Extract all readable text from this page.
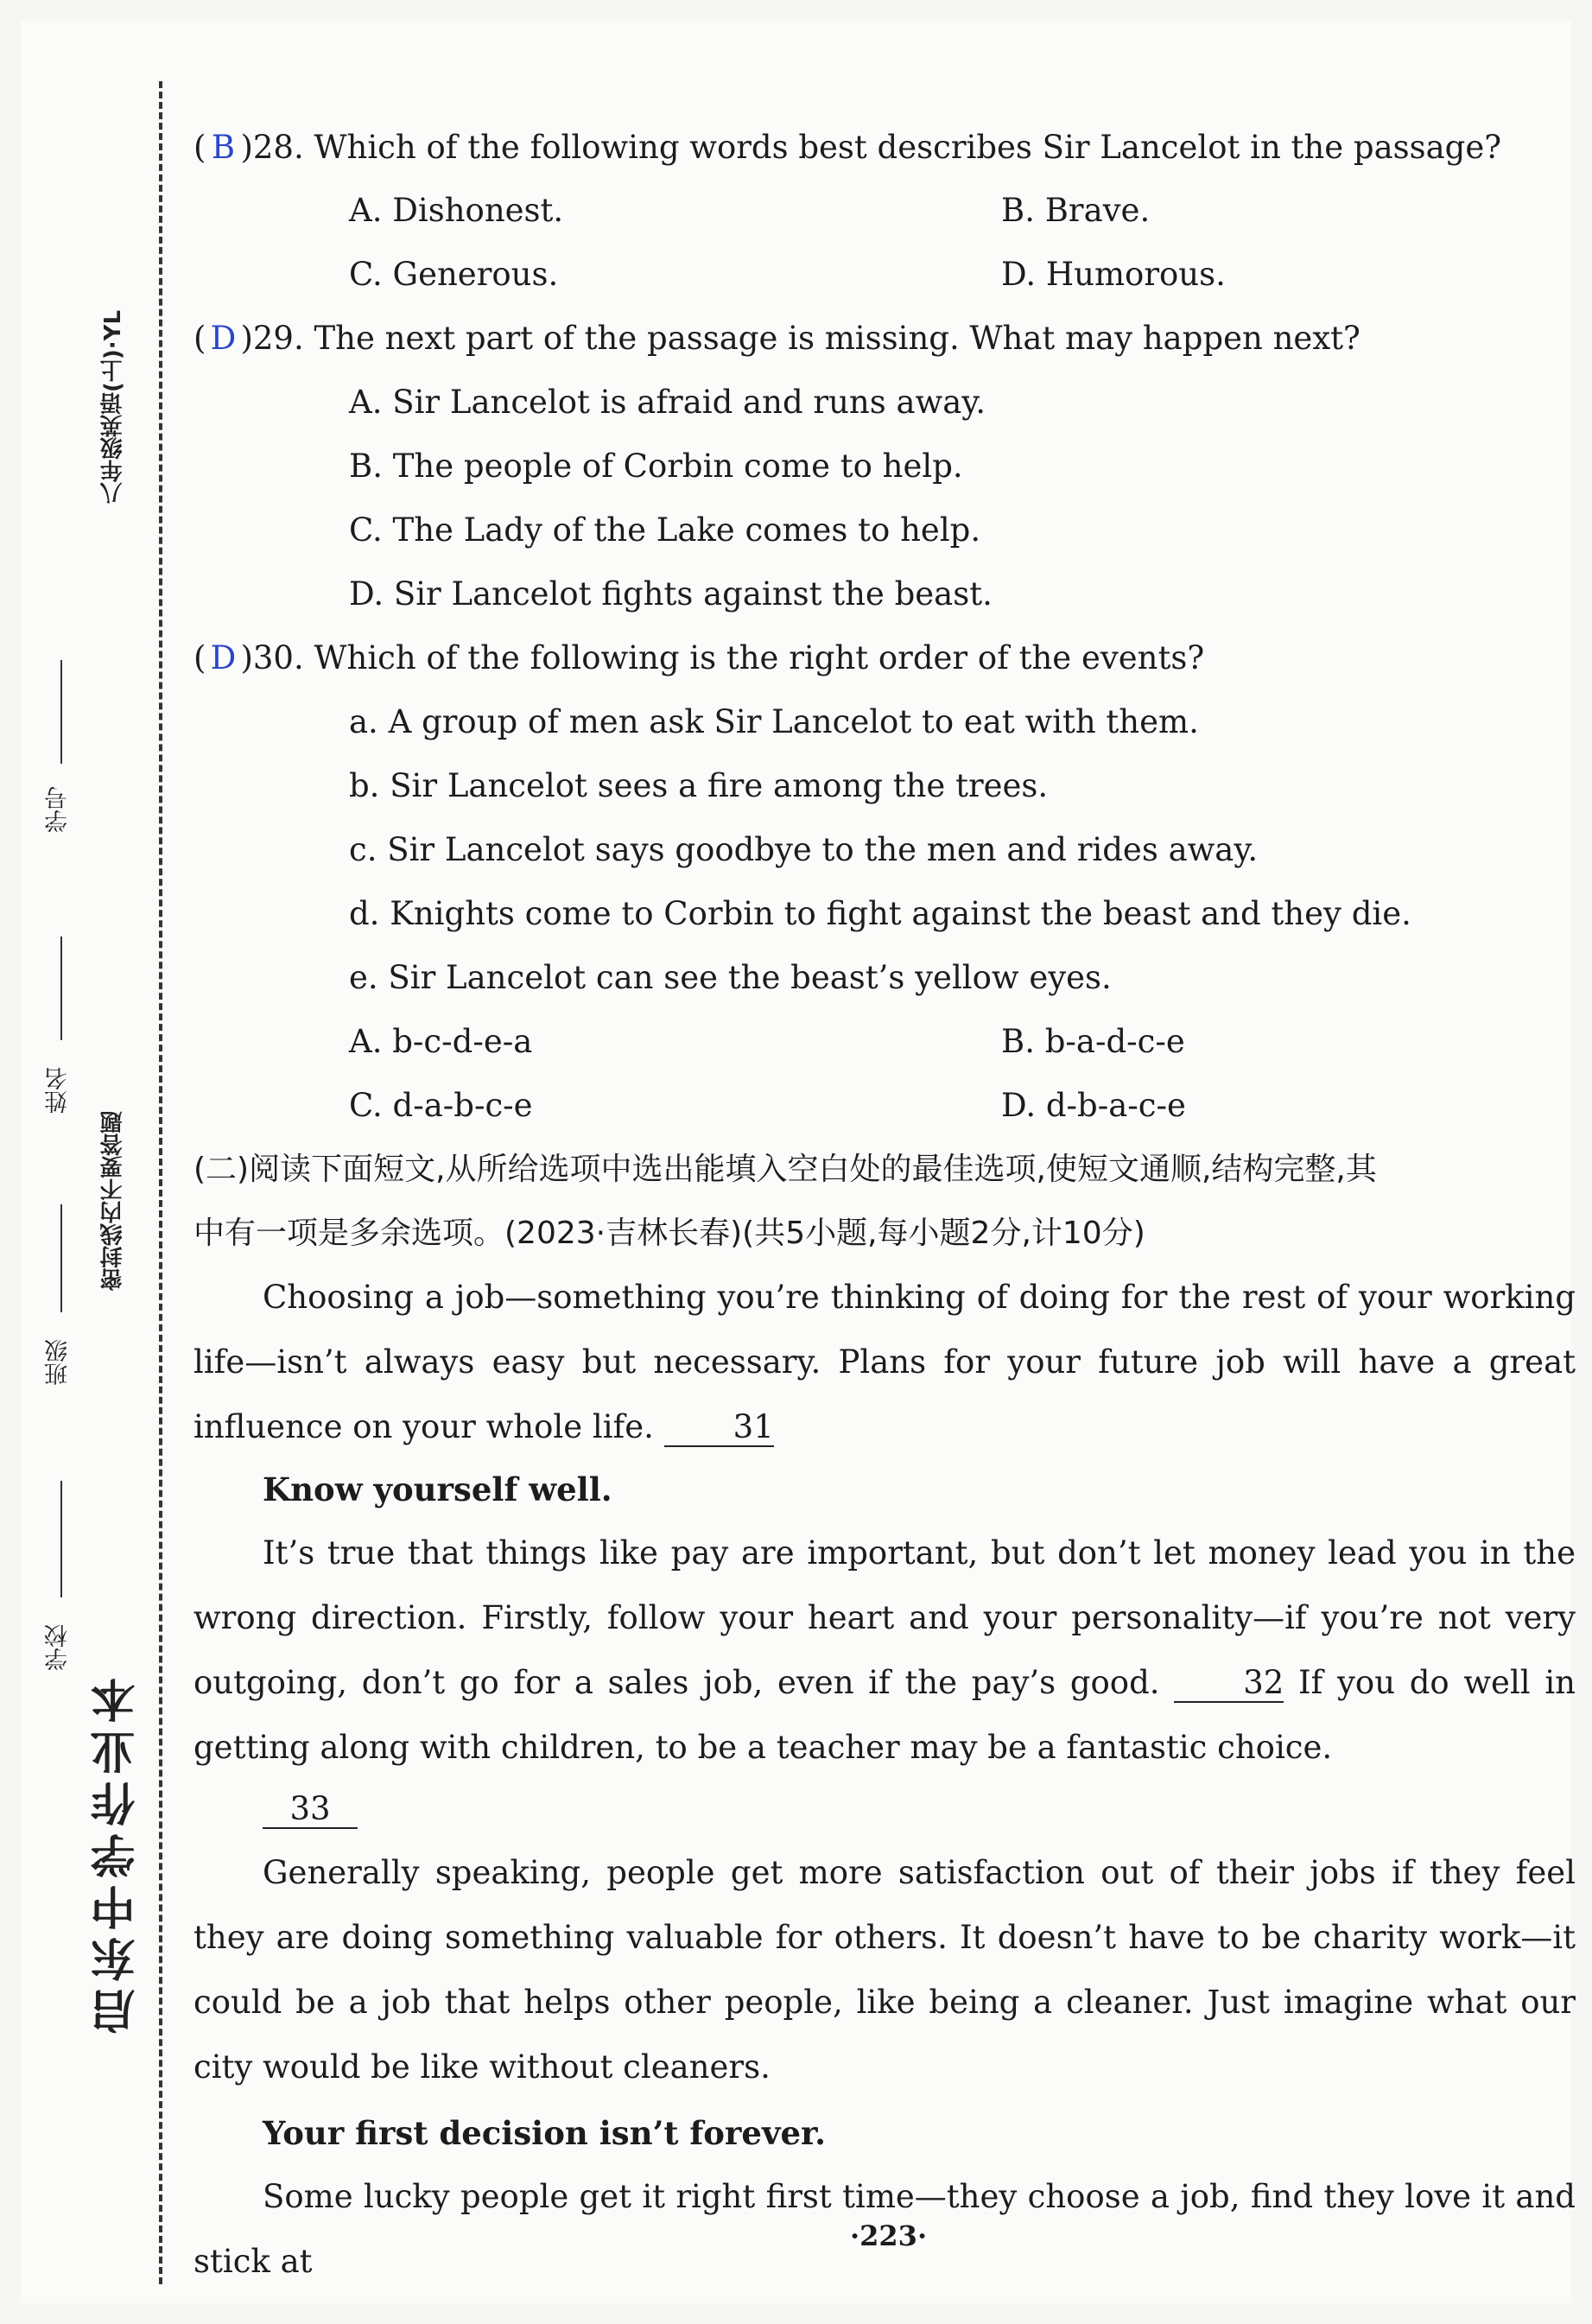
八年级英语(上)·YL
密封线内不要答题
启东中学作业本
学号
姓名
班级
学校
( B )28. Which of the following words best describes Sir Lancelot in the passage?
A. Dishonest.	B. Brave.
C. Generous.	D. Humorous.
( D )29. The next part of the passage is missing. What may happen next?
A. Sir Lancelot is afraid and runs away.
B. The people of Corbin come to help.
C. The Lady of the Lake comes to help.
D. Sir Lancelot fights against the beast.
( D )30. Which of the following is the right order of the events?
a. A group of men ask Sir Lancelot to eat with them.
b. Sir Lancelot sees a fire among the trees.
c. Sir Lancelot says goodbye to the men and rides away.
d. Knights come to Corbin to fight against the beast and they die.
e. Sir Lancelot can see the beast’s yellow eyes.
A. b-c-d-e-a	B. b-a-d-c-e
C. d-a-b-c-e	D. d-b-a-c-e
(二)阅读下面短文,从所给选项中选出能填入空白处的最佳选项,使短文通顺,结构完整,其
中有一项是多余选项。(2023·吉林长春)(共5小题,每小题2分,计10分)
Choosing a job—something you’re thinking of doing for the rest of your working life—isn’t always easy but necessary. Plans for your future job will have a great influence on your whole life. 31
Know yourself well.
It’s true that things like pay are important, but don’t let money lead you in the wrong direction. Firstly, follow your heart and your personality—if you’re not very outgoing, don’t go for a sales job, even if the pay’s good.	32 If you do well in getting along with children, to be a teacher may be a fantastic choice.
33
Generally speaking, people get more satisfaction out of their jobs if they feel they are doing something valuable for others. It doesn’t have to be charity work—it could be a job that helps other people, like being a cleaner. Just imagine what our city would be like without cleaners.
Your first decision isn’t forever.
Some lucky people get it right first time—they choose a job, find they love it and stick at
·223·
